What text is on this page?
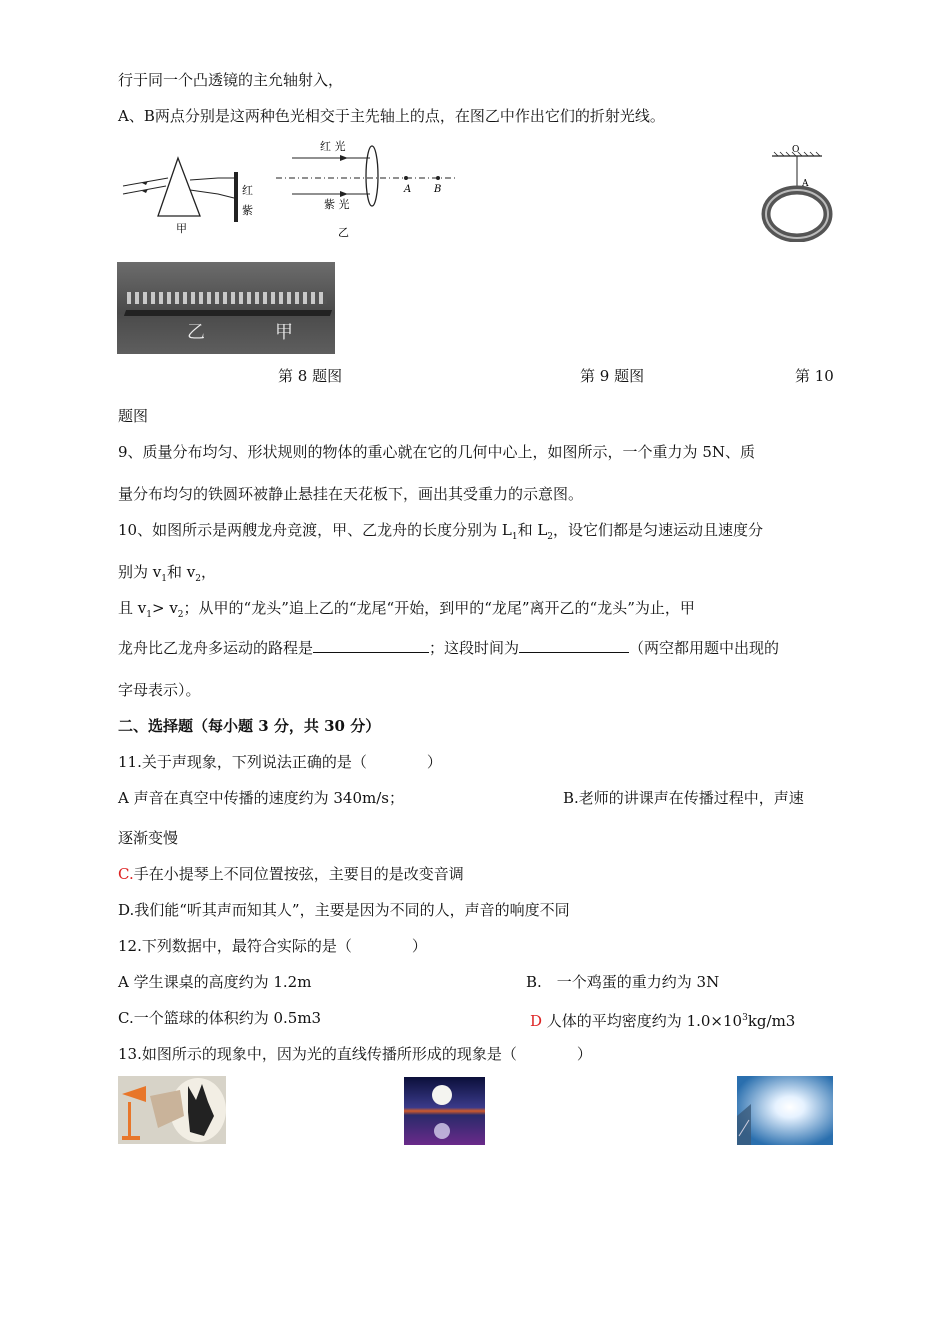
行于同一个凸透镜的主允轴射入，
A、B两点分别是这两种色光相交于主先轴上的点，在图乙中作出它们的折射光线。
红
紫
甲
红 光
A B
紫 光
乙
O
A
乙	甲
第 8 题图	第 9 题图	第 10
题图
9、质量分布均匀、形状规则的物体的重心就在它的几何中心上，如图所示，一个重力为 5N、质
量分布均匀的铁圆环被静止悬挂在天花板下，画出其受重力的示意图。
10、如图所示是两艘龙舟竞渡，甲、乙龙舟的长度分别为 $L_1$和 $L_2$，设它们都是匀速运动且速度分
别为 $v_1$和 $v_2$，
且 $v_1> v_2$；从甲的“龙头”追上乙的“龙尾“开始，到甲的“龙尾”离开乙的“龙头”为止，甲
龙舟比乙龙舟多运动的路程是	；这段时间为	（两空都用题中出现的
字母表示）。
二、选择题（每小题 3 分，共 30 分）
11.关于声现象，下列说法正确的是（　　　　）
A 声音在真空中传播的速度约为 340m/s；	B.老师的讲课声在传播过程中，声速
逐渐变慢
C.手在小提琴上不同位置按弦，主要目的是改变音调
D.我们能“听其声而知其人”，主要是因为不同的人，声音的响度不同
12.下列数据中，最符合实际的是（　　　　）
A 学生课桌的高度约为 1.2m	B.　一个鸡蛋的重力约为 3N
C.一个篮球的体积约为 0.5m3	D 人体的平均密度约为 $1.0\times 10^3kg/m3$
13.如图所示的现象中，因为光的直线传播所形成的现象是（　　　　）
